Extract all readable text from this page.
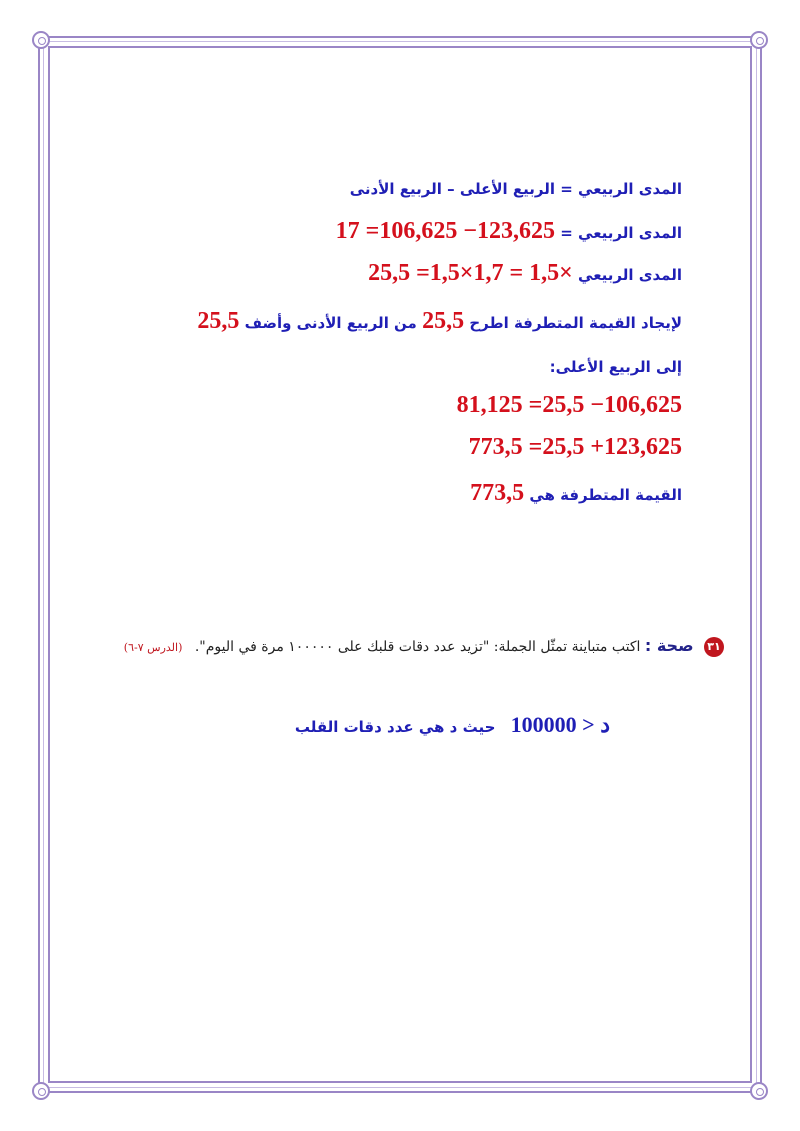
المدى الربيعي = الربيع الأعلى – الربيع الأدنى
المدى الربيعي = 17 =106,625 −123,625
المدى الربيعي 25,5 =1,5×1,7 = 1,5×
لإيجاد القيمة المتطرفة اطرح 25,5 من الربيع الأدنى وأضف 25,5
إلى الربيع الأعلى:
81,125 =25,5 −106,625
773,5 =25,5 +123,625
القيمة المتطرفة هي 773,5
٣١ صحة : اكتب متباينة تمثّل الجملة: "تزيد عدد دقات قلبك على ١٠٠٠٠٠ مرة في اليوم". (الدرس ٧-٦)
د < 100000 حيث د هي عدد دقات القلب
